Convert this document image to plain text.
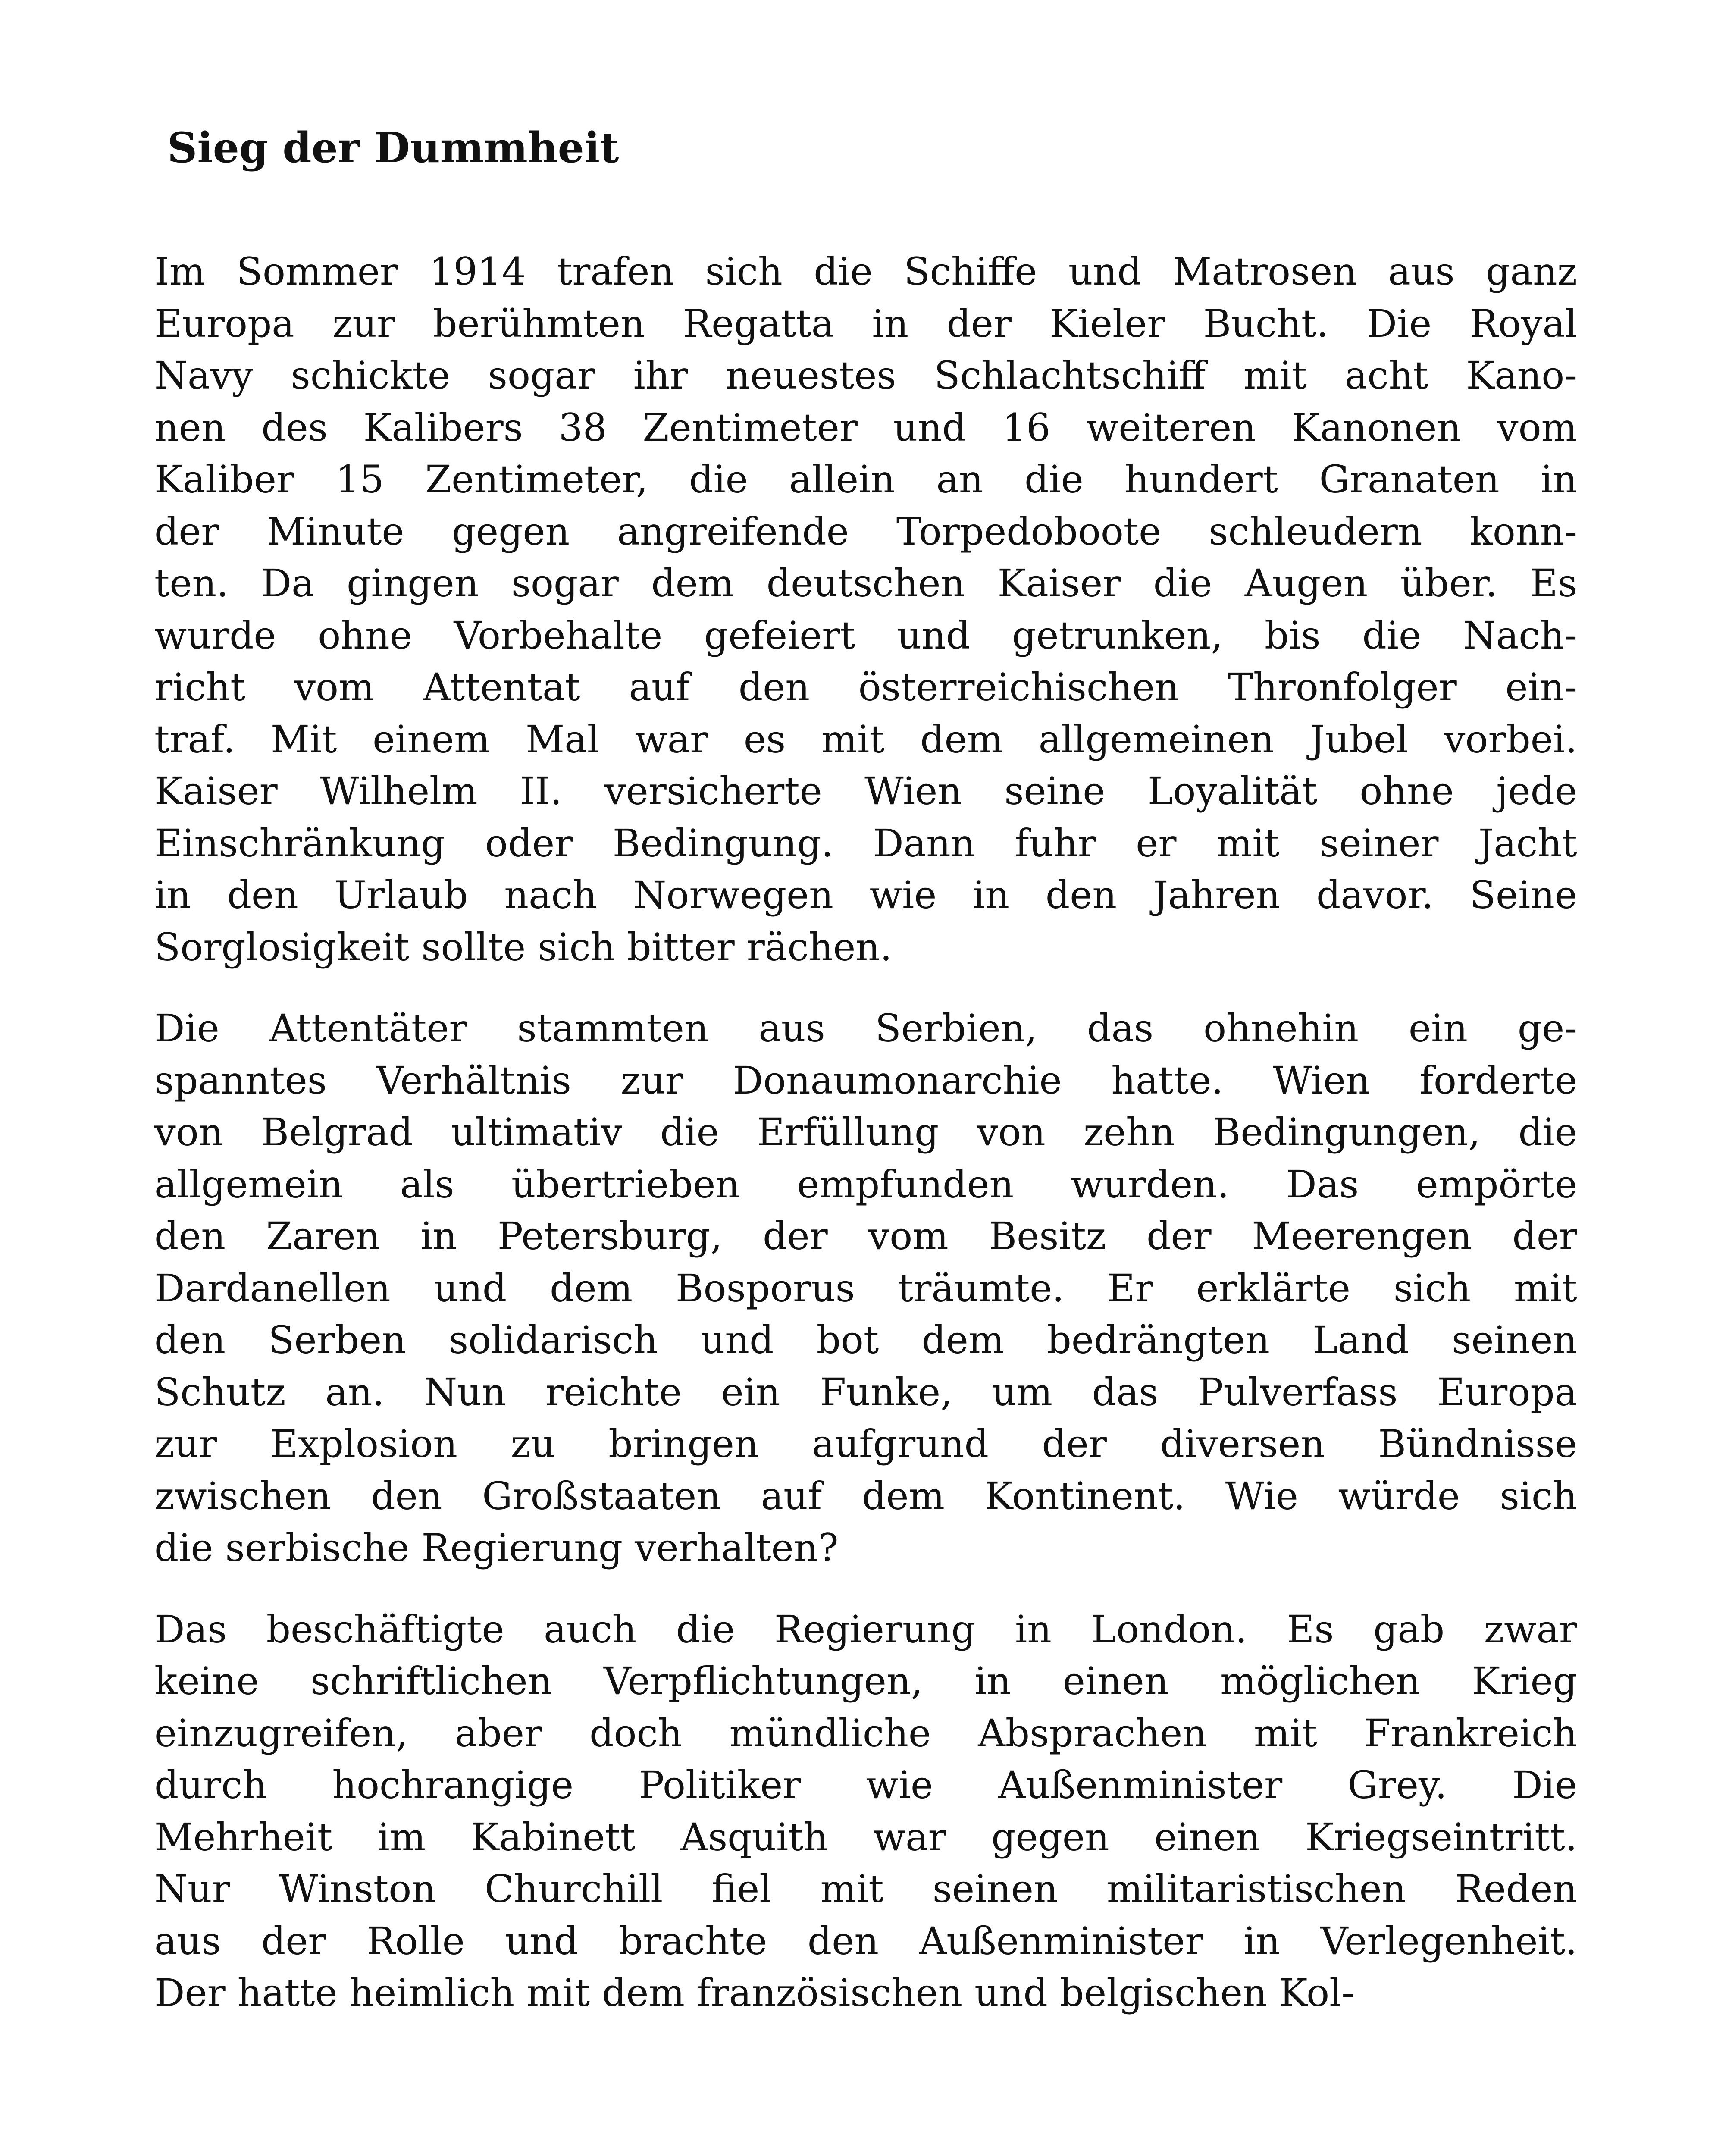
Sieg der Dummheit
Im Sommer 1914 trafen sich die Schiffe und Matrosen aus ganz
Europa zur berühmten Regatta in der Kieler Bucht. Die Royal
Navy schickte sogar ihr neuestes Schlachtschiff mit acht Kano-
nen des Kalibers 38 Zentimeter und 16 weiteren Kanonen vom
Kaliber 15 Zentimeter, die allein an die hundert Granaten in
der Minute gegen angreifende Torpedoboote schleudern konn-
ten. Da gingen sogar dem deutschen Kaiser die Augen über. Es
wurde ohne Vorbehalte gefeiert und getrunken, bis die Nach-
richt vom Attentat auf den österreichischen Thronfolger ein-
traf. Mit einem Mal war es mit dem allgemeinen Jubel vorbei.
Kaiser Wilhelm II. versicherte Wien seine Loyalität ohne jede
Einschränkung oder Bedingung. Dann fuhr er mit seiner Jacht
in den Urlaub nach Norwegen wie in den Jahren davor. Seine
Sorglosigkeit sollte sich bitter rächen.
Die Attentäter stammten aus Serbien, das ohnehin ein ge-
spanntes Verhältnis zur Donaumonarchie hatte. Wien forderte
von Belgrad ultimativ die Erfüllung von zehn Bedingungen, die
allgemein als übertrieben empfunden wurden. Das empörte
den Zaren in Petersburg, der vom Besitz der Meerengen der
Dardanellen und dem Bosporus träumte. Er erklärte sich mit
den Serben solidarisch und bot dem bedrängten Land seinen
Schutz an. Nun reichte ein Funke, um das Pulverfass Europa
zur Explosion zu bringen aufgrund der diversen Bündnisse
zwischen den Großstaaten auf dem Kontinent. Wie würde sich
die serbische Regierung verhalten?
Das beschäftigte auch die Regierung in London. Es gab zwar
keine schriftlichen Verpflichtungen, in einen möglichen Krieg
einzugreifen, aber doch mündliche Absprachen mit Frankreich
durch hochrangige Politiker wie Außenminister Grey. Die
Mehrheit im Kabinett Asquith war gegen einen Kriegseintritt.
Nur Winston Churchill fiel mit seinen militaristischen Reden
aus der Rolle und brachte den Außenminister in Verlegenheit.
Der hatte heimlich mit dem französischen und belgischen Kol-
